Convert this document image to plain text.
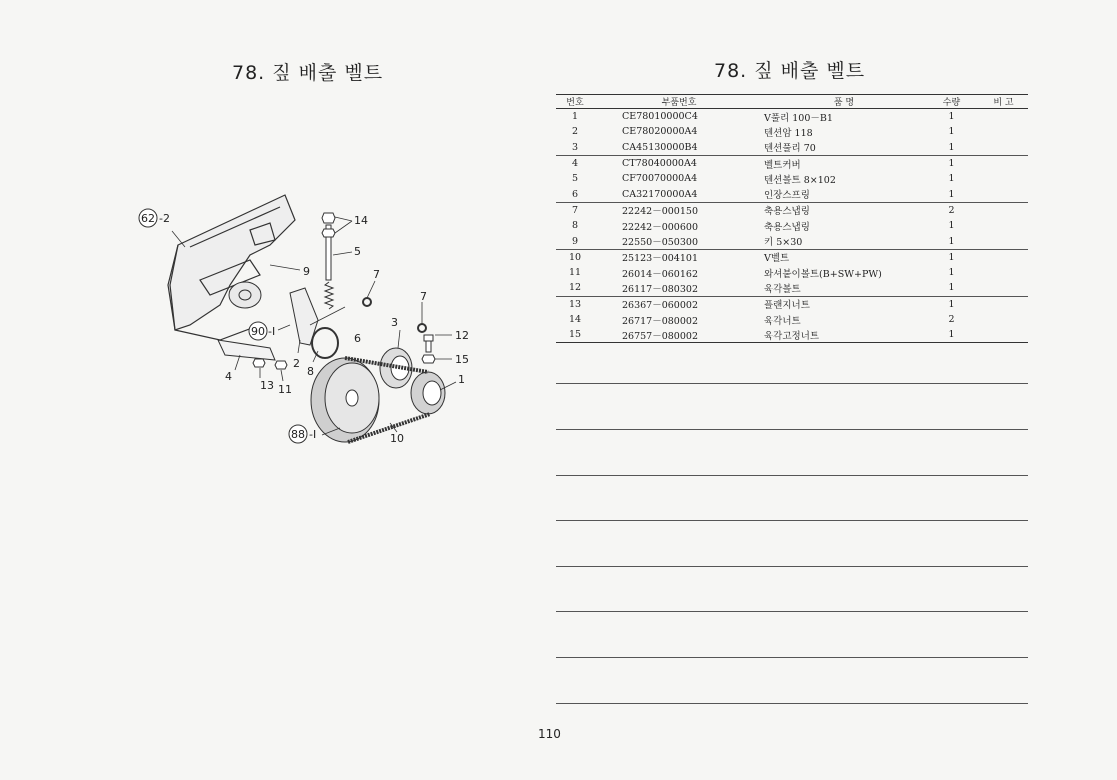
78. 짚 배출 벨트	78. 짚 배출 벨트
62 -2	14
5
9	7
7
90 -I
6
3
12
15
1
2
8
4
13 11
88 -I	10
번호	부품번호	품 명	수량	비 고
1	CE78010000C4	V풀리 100－B1	1	
2	CE78020000A4	텐션암 118	1	
3	CA45130000B4	텐션풀리 70	1	
4	CT78040000A4	벨트커버	1	
5	CF70070000A4	텐션볼트 8×102	1	
6	CA32170000A4	인장스프링	1	
7	22242－000150	축용스냅링	2	
8	22242－000600	축용스냅링	1	
9	22550－050300	키 5×30	1	
10	25123－004101	V벨트	1	
11	26014－060162	와셔붙이볼트(B+SW+PW)	1	
12	26117－080302	육각볼트	1	
13	26367－060002	플랜지너트	1	
14	26717－080002	육각너트	2	
15	26757－080002	육각고정너트	1	
110
